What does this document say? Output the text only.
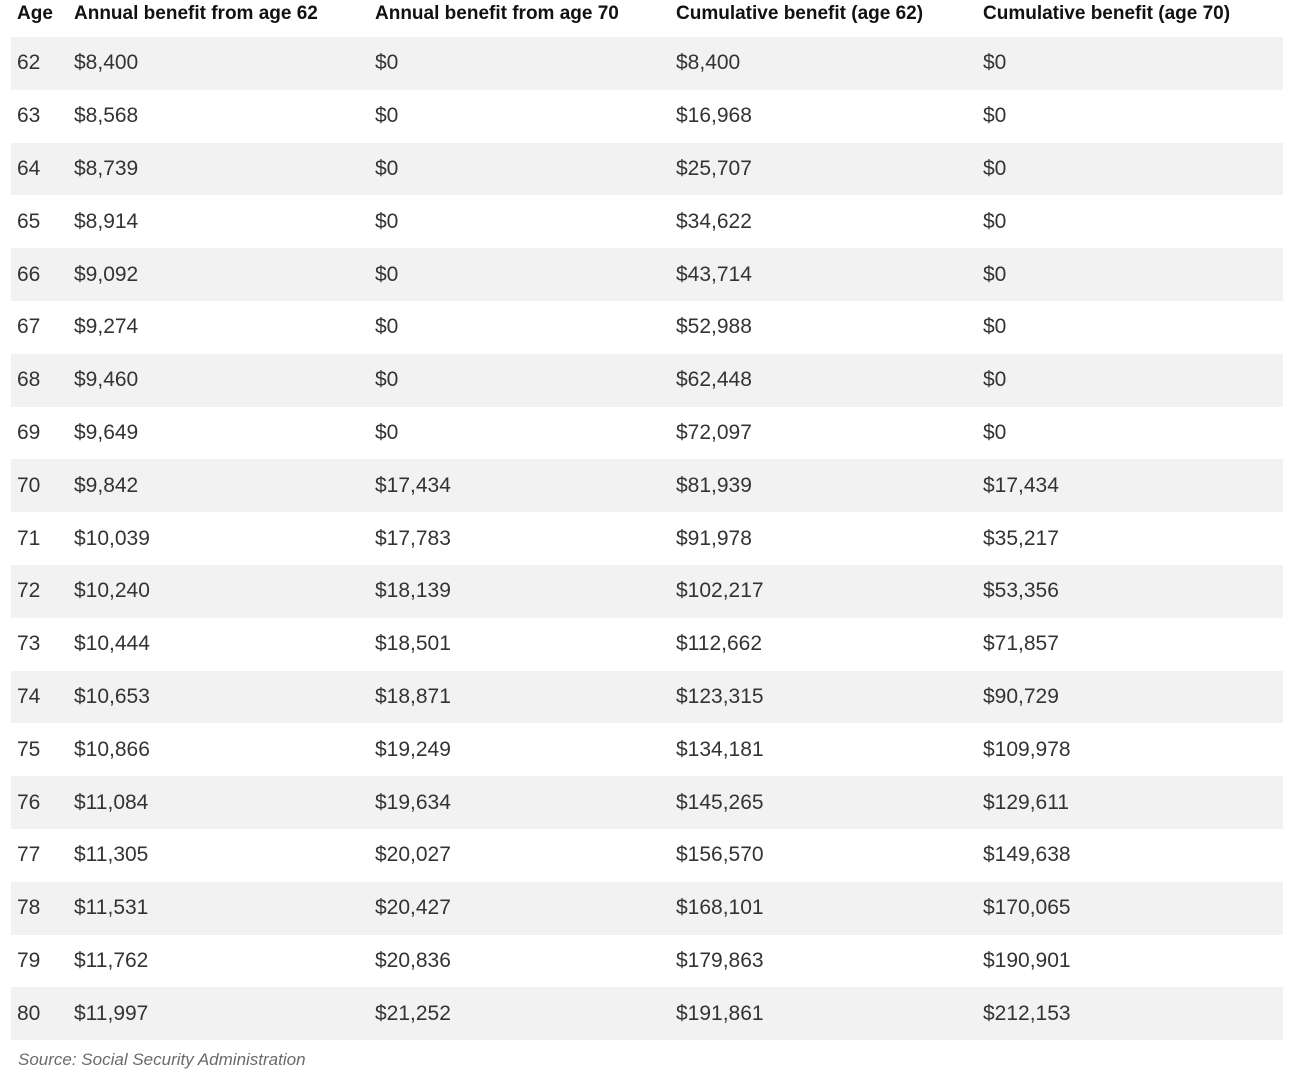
Age	Annual benefit from age 62	Annual benefit from age 70	Cumulative benefit (age 62)	Cumulative benefit (age 70)
62	$8,400	$0	$8,400	$0
63	$8,568	$0	$16,968	$0
64	$8,739	$0	$25,707	$0
65	$8,914	$0	$34,622	$0
66	$9,092	$0	$43,714	$0
67	$9,274	$0	$52,988	$0
68	$9,460	$0	$62,448	$0
69	$9,649	$0	$72,097	$0
70	$9,842	$17,434	$81,939	$17,434
71	$10,039	$17,783	$91,978	$35,217
72	$10,240	$18,139	$102,217	$53,356
73	$10,444	$18,501	$112,662	$71,857
74	$10,653	$18,871	$123,315	$90,729
75	$10,866	$19,249	$134,181	$109,978
76	$11,084	$19,634	$145,265	$129,611
77	$11,305	$20,027	$156,570	$149,638
78	$11,531	$20,427	$168,101	$170,065
79	$11,762	$20,836	$179,863	$190,901
80	$11,997	$21,252	$191,861	$212,153
Source: Social Security Administration
